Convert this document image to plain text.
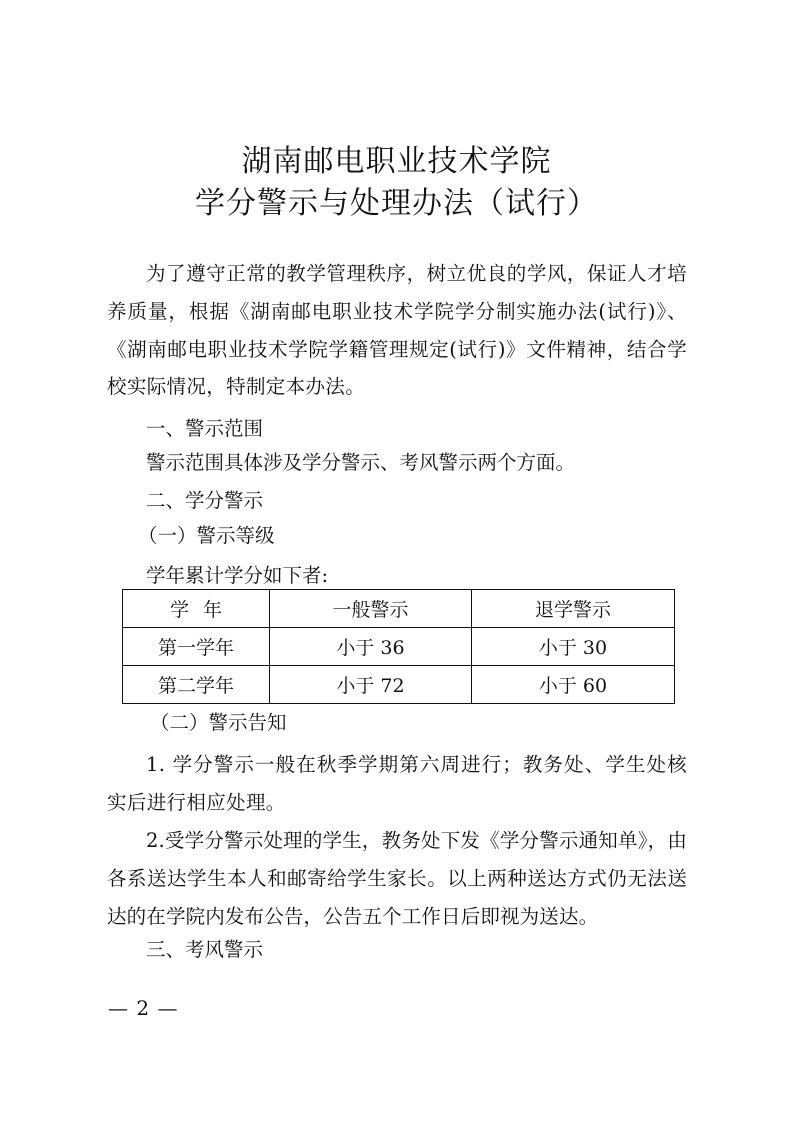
湖南邮电职业技术学院
学分警示与处理办法（试行）

为了遵守正常的教学管理秩序，树立优良的学风，保证人才培养质量，根据《湖南邮电职业技术学院学分制实施办法(试行)》、《湖南邮电职业技术学院学籍管理规定(试行)》文件精神，结合学校实际情况，特制定本办法。

一、警示范围

警示范围具体涉及学分警示、考风警示两个方面。

二、学分警示

（一）警示等级

学年累计学分如下者:

学年	一般警示	退学警示
第一学年	小于 36	小于 30
第二学年	小于 72	小于 60

（二）警示告知

1. 学分警示一般在秋季学期第六周进行；教务处、学生处核实后进行相应处理。

2.受学分警示处理的学生，教务处下发《学分警示通知单》，由各系送达学生本人和邮寄给学生家长。以上两种送达方式仍无法送达的在学院内发布公告，公告五个工作日后即视为送达。

三、考风警示

— 2 —
